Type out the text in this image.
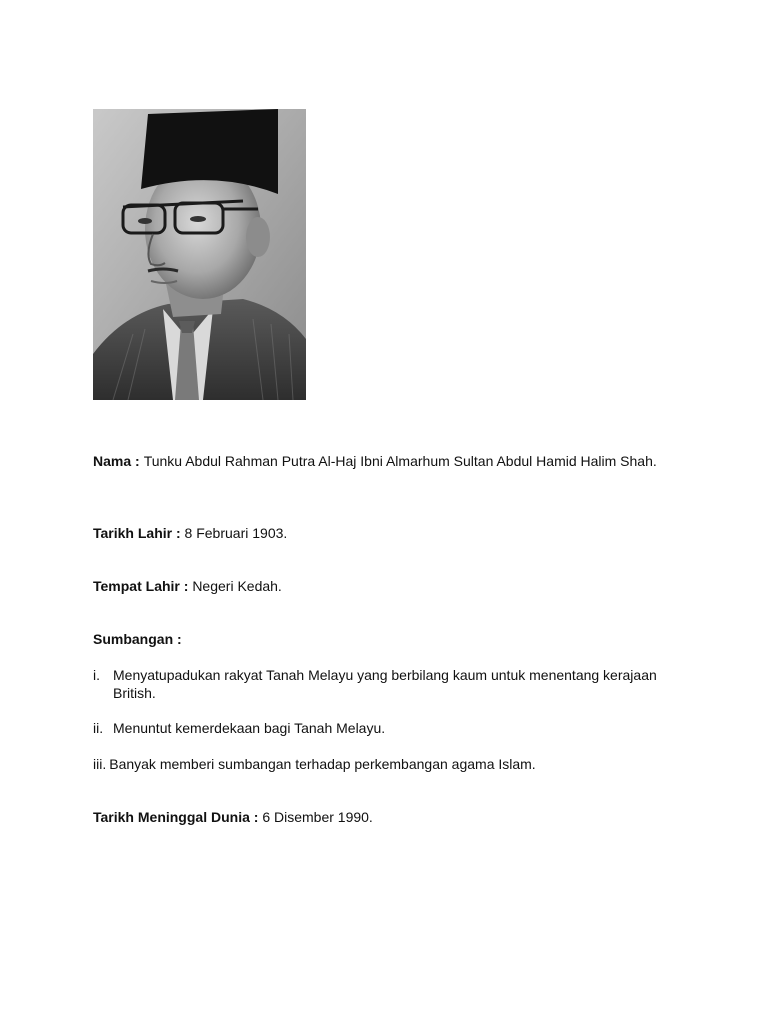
Nama : Tunku Abdul Rahman Putra Al-Haj Ibni Almarhum Sultan Abdul Hamid Halim Shah.
Tarikh Lahir : 8 Februari 1903.
Tempat Lahir : Negeri Kedah.
Sumbangan :
i. Menyatupadukan rakyat Tanah Melayu yang berbilang kaum untuk menentang kerajaan British.
ii. Menuntut kemerdekaan bagi Tanah Melayu.
iii. Banyak memberi sumbangan terhadap perkembangan agama Islam.
Tarikh Meninggal Dunia : 6 Disember 1990.
